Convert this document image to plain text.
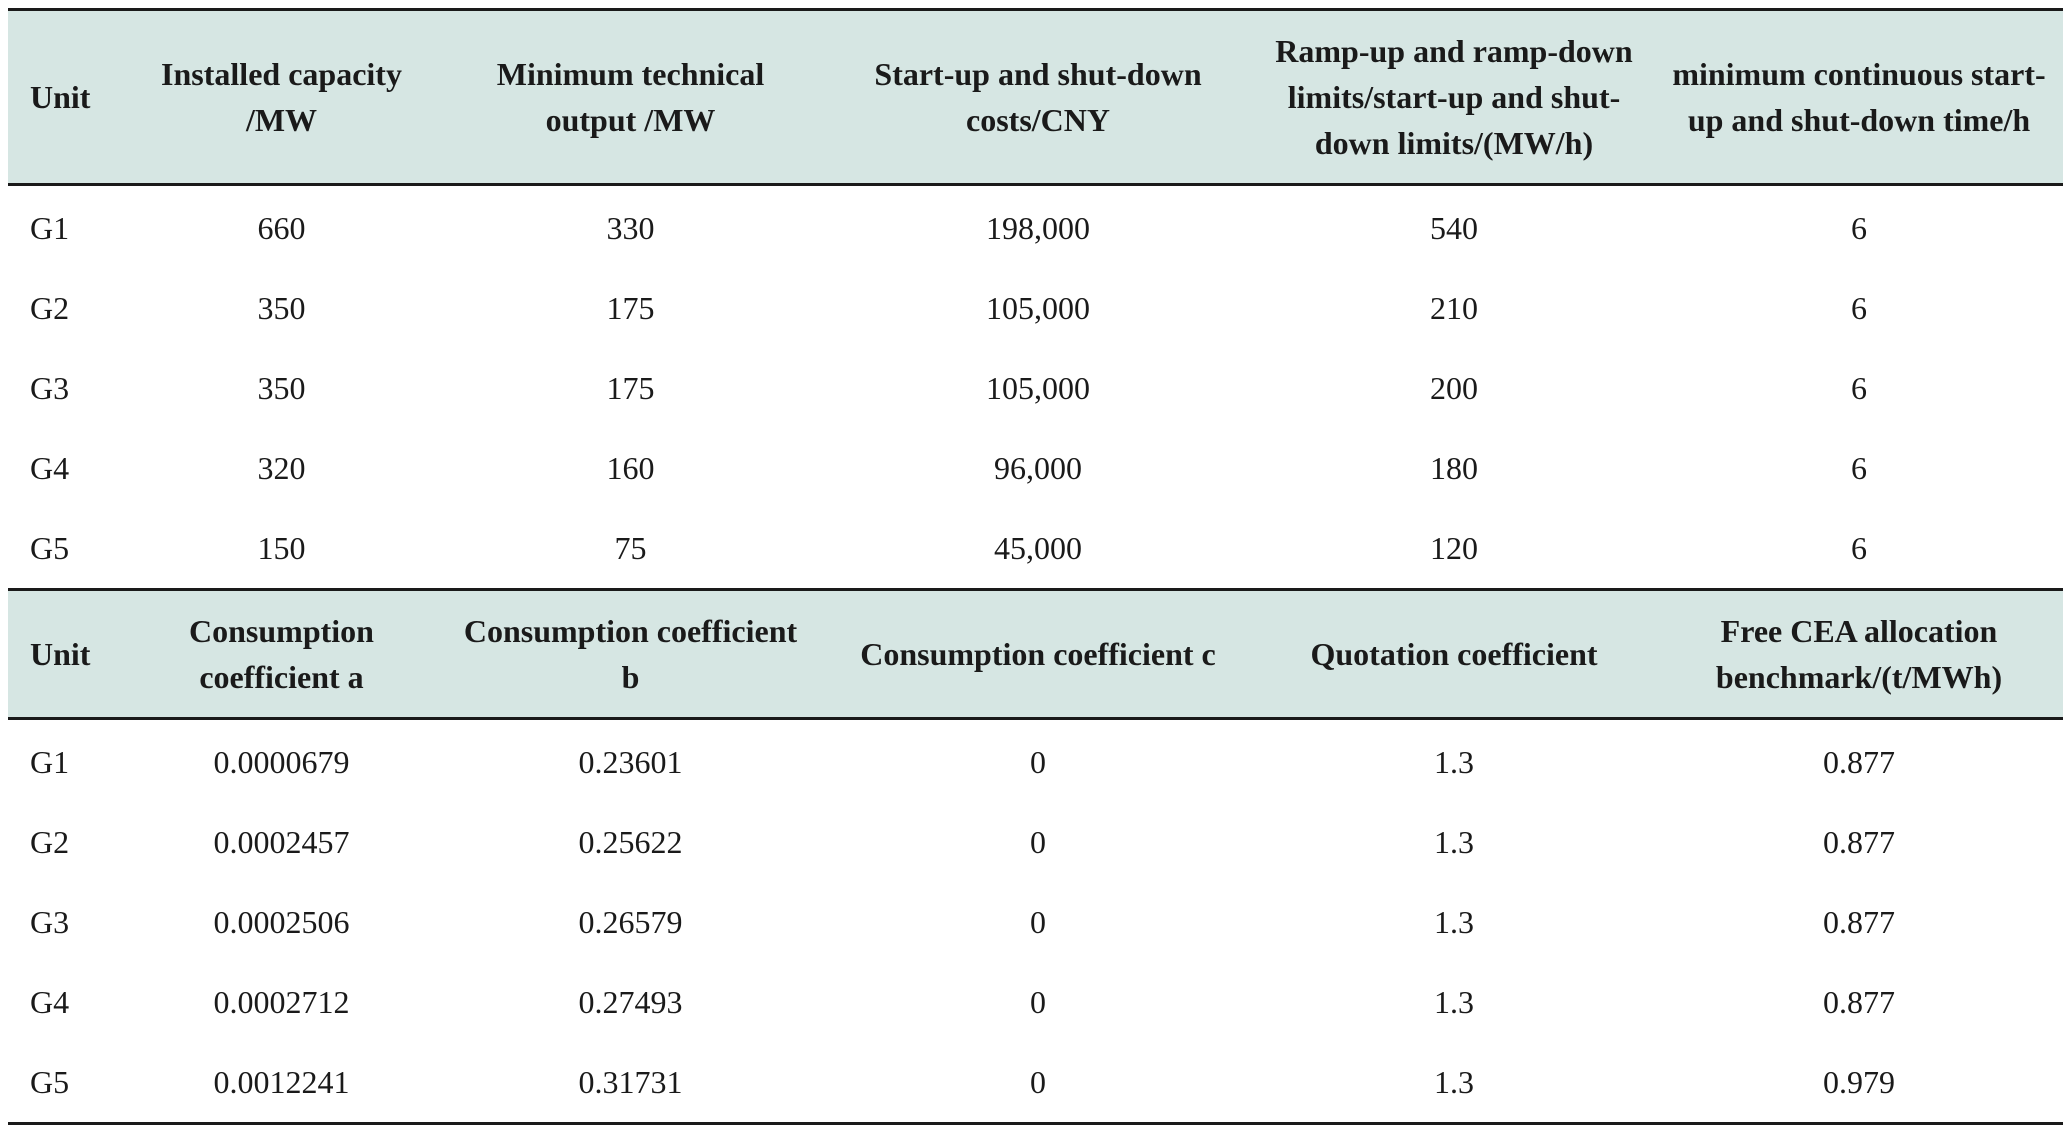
Unit	Installed capacity /MW	Minimum technical output /MW	Start-up and shut-down costs/CNY	Ramp-up and ramp-down limits/start-up and shut-down limits/(MW/h)	minimum continuous start-up and shut-down time/h
G1	660	330	198,000	540	6
G2	350	175	105,000	210	6
G3	350	175	105,000	200	6
G4	320	160	96,000	180	6
G5	150	75	45,000	120	6
Unit	Consumption coefficient a	Consumption coefficient b	Consumption coefficient c	Quotation coefficient	Free CEA allocation benchmark/(t/MWh)
G1	0.0000679	0.23601	0	1.3	0.877
G2	0.0002457	0.25622	0	1.3	0.877
G3	0.0002506	0.26579	0	1.3	0.877
G4	0.0002712	0.27493	0	1.3	0.877
G5	0.0012241	0.31731	0	1.3	0.979
